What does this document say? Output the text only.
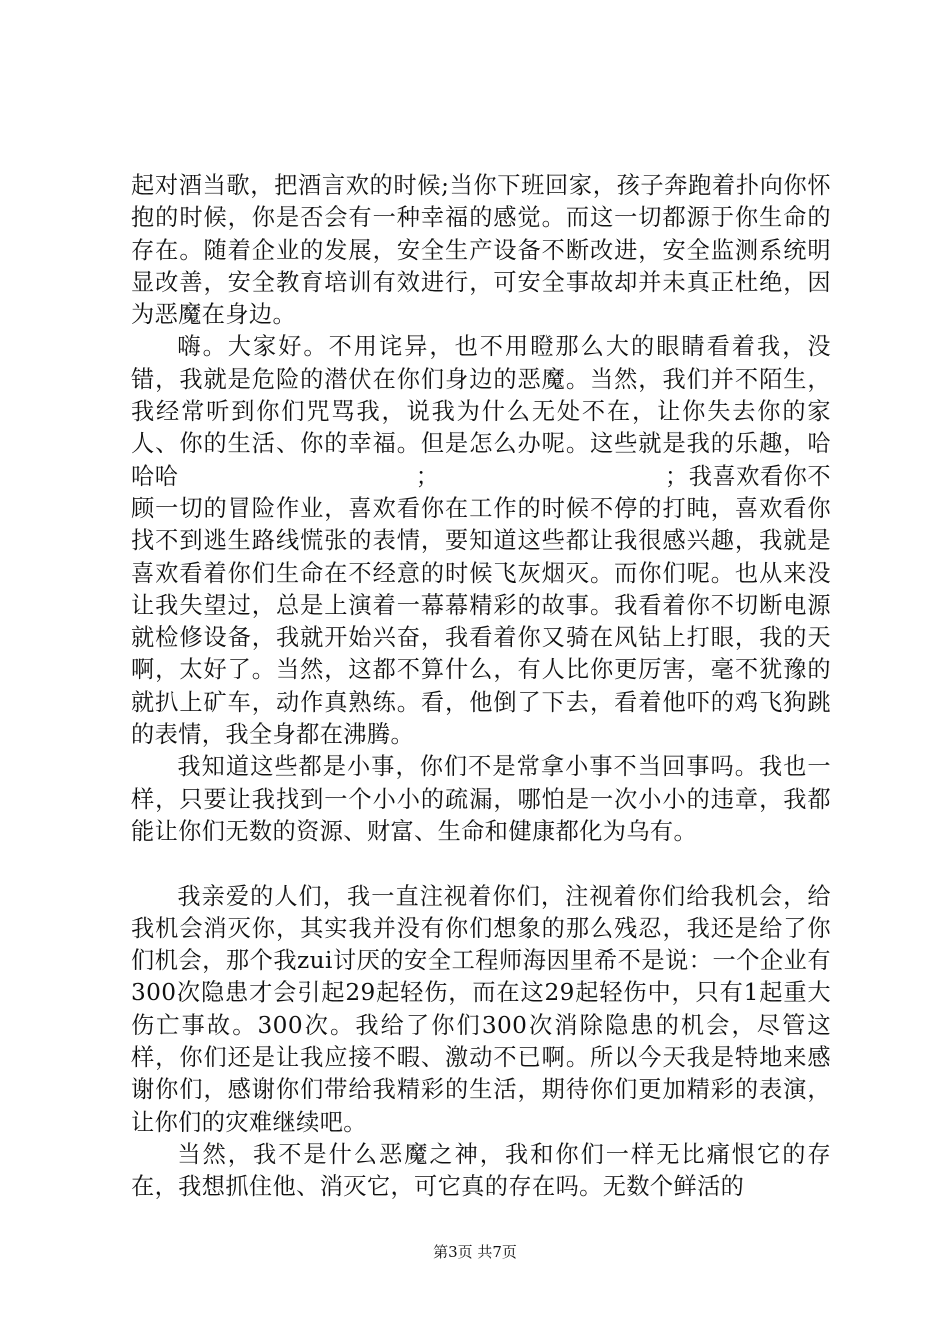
起对酒当歌，把酒言欢的时候;当你下班回家，孩子奔跑着扑向你怀抱的时候，你是否会有一种幸福的感觉。而这一切都源于你生命的存在。随着企业的发展，安全生产设备不断改进，安全监测系统明显改善，安全教育培训有效进行，可安全事故却并未真正杜绝，因为恶魔在身边。

嗨。大家好。不用诧异，也不用瞪那么大的眼睛看着我，没错，我就是危险的潜伏在你们身边的恶魔。当然，我们并不陌生，我经常听到你们咒骂我，说我为什么无处不在，让你失去你的家人、你的生活、你的幸福。但是怎么办呢。这些就是我的乐趣，哈哈哈　　　　　　　　　　；　　　　　　　　　　；我喜欢看你不顾一切的冒险作业，喜欢看你在工作的时候不停的打盹，喜欢看你找不到逃生路线慌张的表情，要知道这些都让我很感兴趣，我就是喜欢看着你们生命在不经意的时候飞灰烟灭。而你们呢。也从来没让我失望过，总是上演着一幕幕精彩的故事。我看着你不切断电源就检修设备，我就开始兴奋，我看着你又骑在风钻上打眼，我的天啊，太好了。当然，这都不算什么，有人比你更厉害，毫不犹豫的就扒上矿车，动作真熟练。看，他倒了下去，看着他吓的鸡飞狗跳的表情，我全身都在沸腾。

我知道这些都是小事，你们不是常拿小事不当回事吗。我也一样，只要让我找到一个小小的疏漏，哪怕是一次小小的违章，我都能让你们无数的资源、财富、生命和健康都化为乌有。

我亲爱的人们，我一直注视着你们，注视着你们给我机会，给我机会消灭你，其实我并没有你们想象的那么残忍，我还是给了你们机会，那个我zui讨厌的安全工程师海因里希不是说：一个企业有300次隐患才会引起29起轻伤，而在这29起轻伤中，只有1起重大伤亡事故。300次。我给了你们300次消除隐患的机会，尽管这样，你们还是让我应接不暇、激动不已啊。所以今天我是特地来感谢你们，感谢你们带给我精彩的生活，期待你们更加精彩的表演，让你们的灾难继续吧。

当然，我不是什么恶魔之神，我和你们一样无比痛恨它的存在，我想抓住他、消灭它，可它真的存在吗。无数个鲜活的

第3页 共7页
